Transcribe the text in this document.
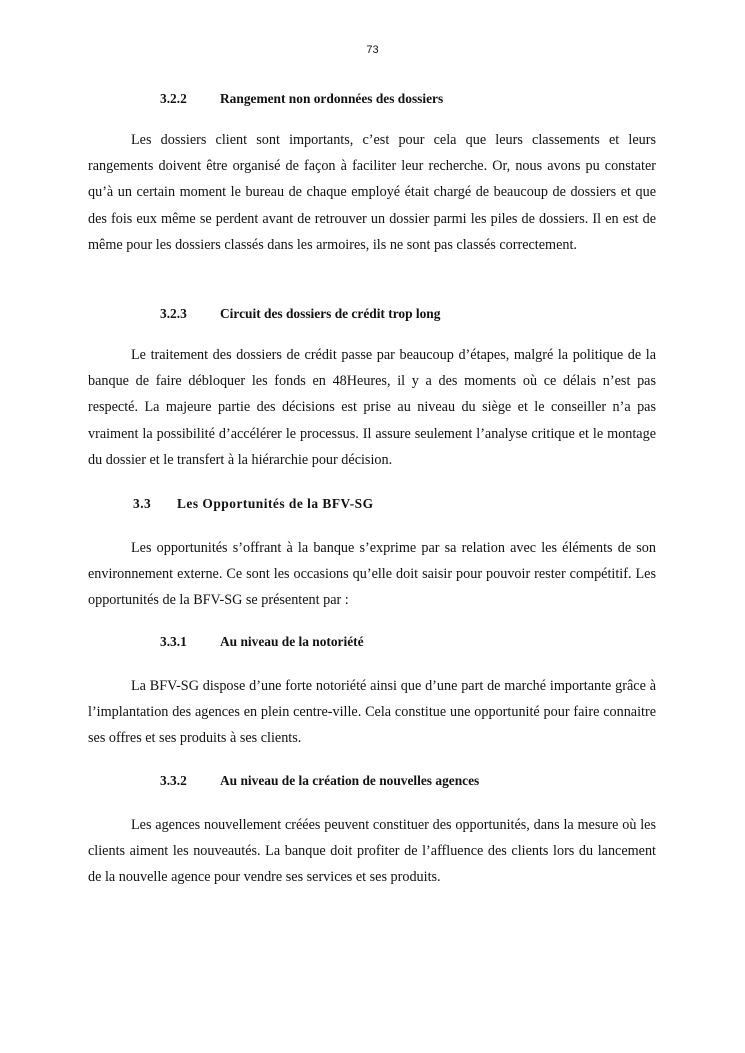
73
3.2.2 Rangement non ordonnées des dossiers

Les dossiers client sont importants, c’est pour cela que leurs classements et leurs rangements doivent être organisé de façon à faciliter leur recherche. Or, nous avons pu constater qu’à un certain moment le bureau de chaque employé était chargé de beaucoup de dossiers et que des fois eux même se perdent avant de retrouver un dossier parmi les piles de dossiers. Il en est de même pour les dossiers classés dans les armoires, ils ne sont pas classés correctement.

3.2.3 Circuit des dossiers de crédit trop long

Le traitement des dossiers de crédit passe par beaucoup d’étapes, malgré la politique de la banque de faire débloquer les fonds en 48Heures, il y a des moments où ce délais n’est pas respecté. La majeure partie des décisions est prise au niveau du siège et le conseiller n’a pas vraiment la possibilité d’accélérer le processus. Il assure seulement l’analyse critique et le montage du dossier et le transfert à la hiérarchie pour décision.

3.3 Les Opportunités de la BFV-SG

Les opportunités s’offrant à la banque s’exprime par sa relation avec les éléments de son environnement externe. Ce sont les occasions qu’elle doit saisir pour pouvoir rester compétitif. Les opportunités de la BFV-SG se présentent par :

3.3.1 Au niveau de la notoriété

La BFV-SG dispose d’une forte notoriété ainsi que d’une part de marché importante grâce à l’implantation des agences en plein centre-ville. Cela constitue une opportunité pour faire connaitre ses offres et ses produits à ses clients.

3.3.2 Au niveau de la création de nouvelles agences

Les agences nouvellement créées peuvent constituer des opportunités, dans la mesure où les clients aiment les nouveautés. La banque doit profiter de l’affluence des clients lors du lancement de la nouvelle agence pour vendre ses services et ses produits.
